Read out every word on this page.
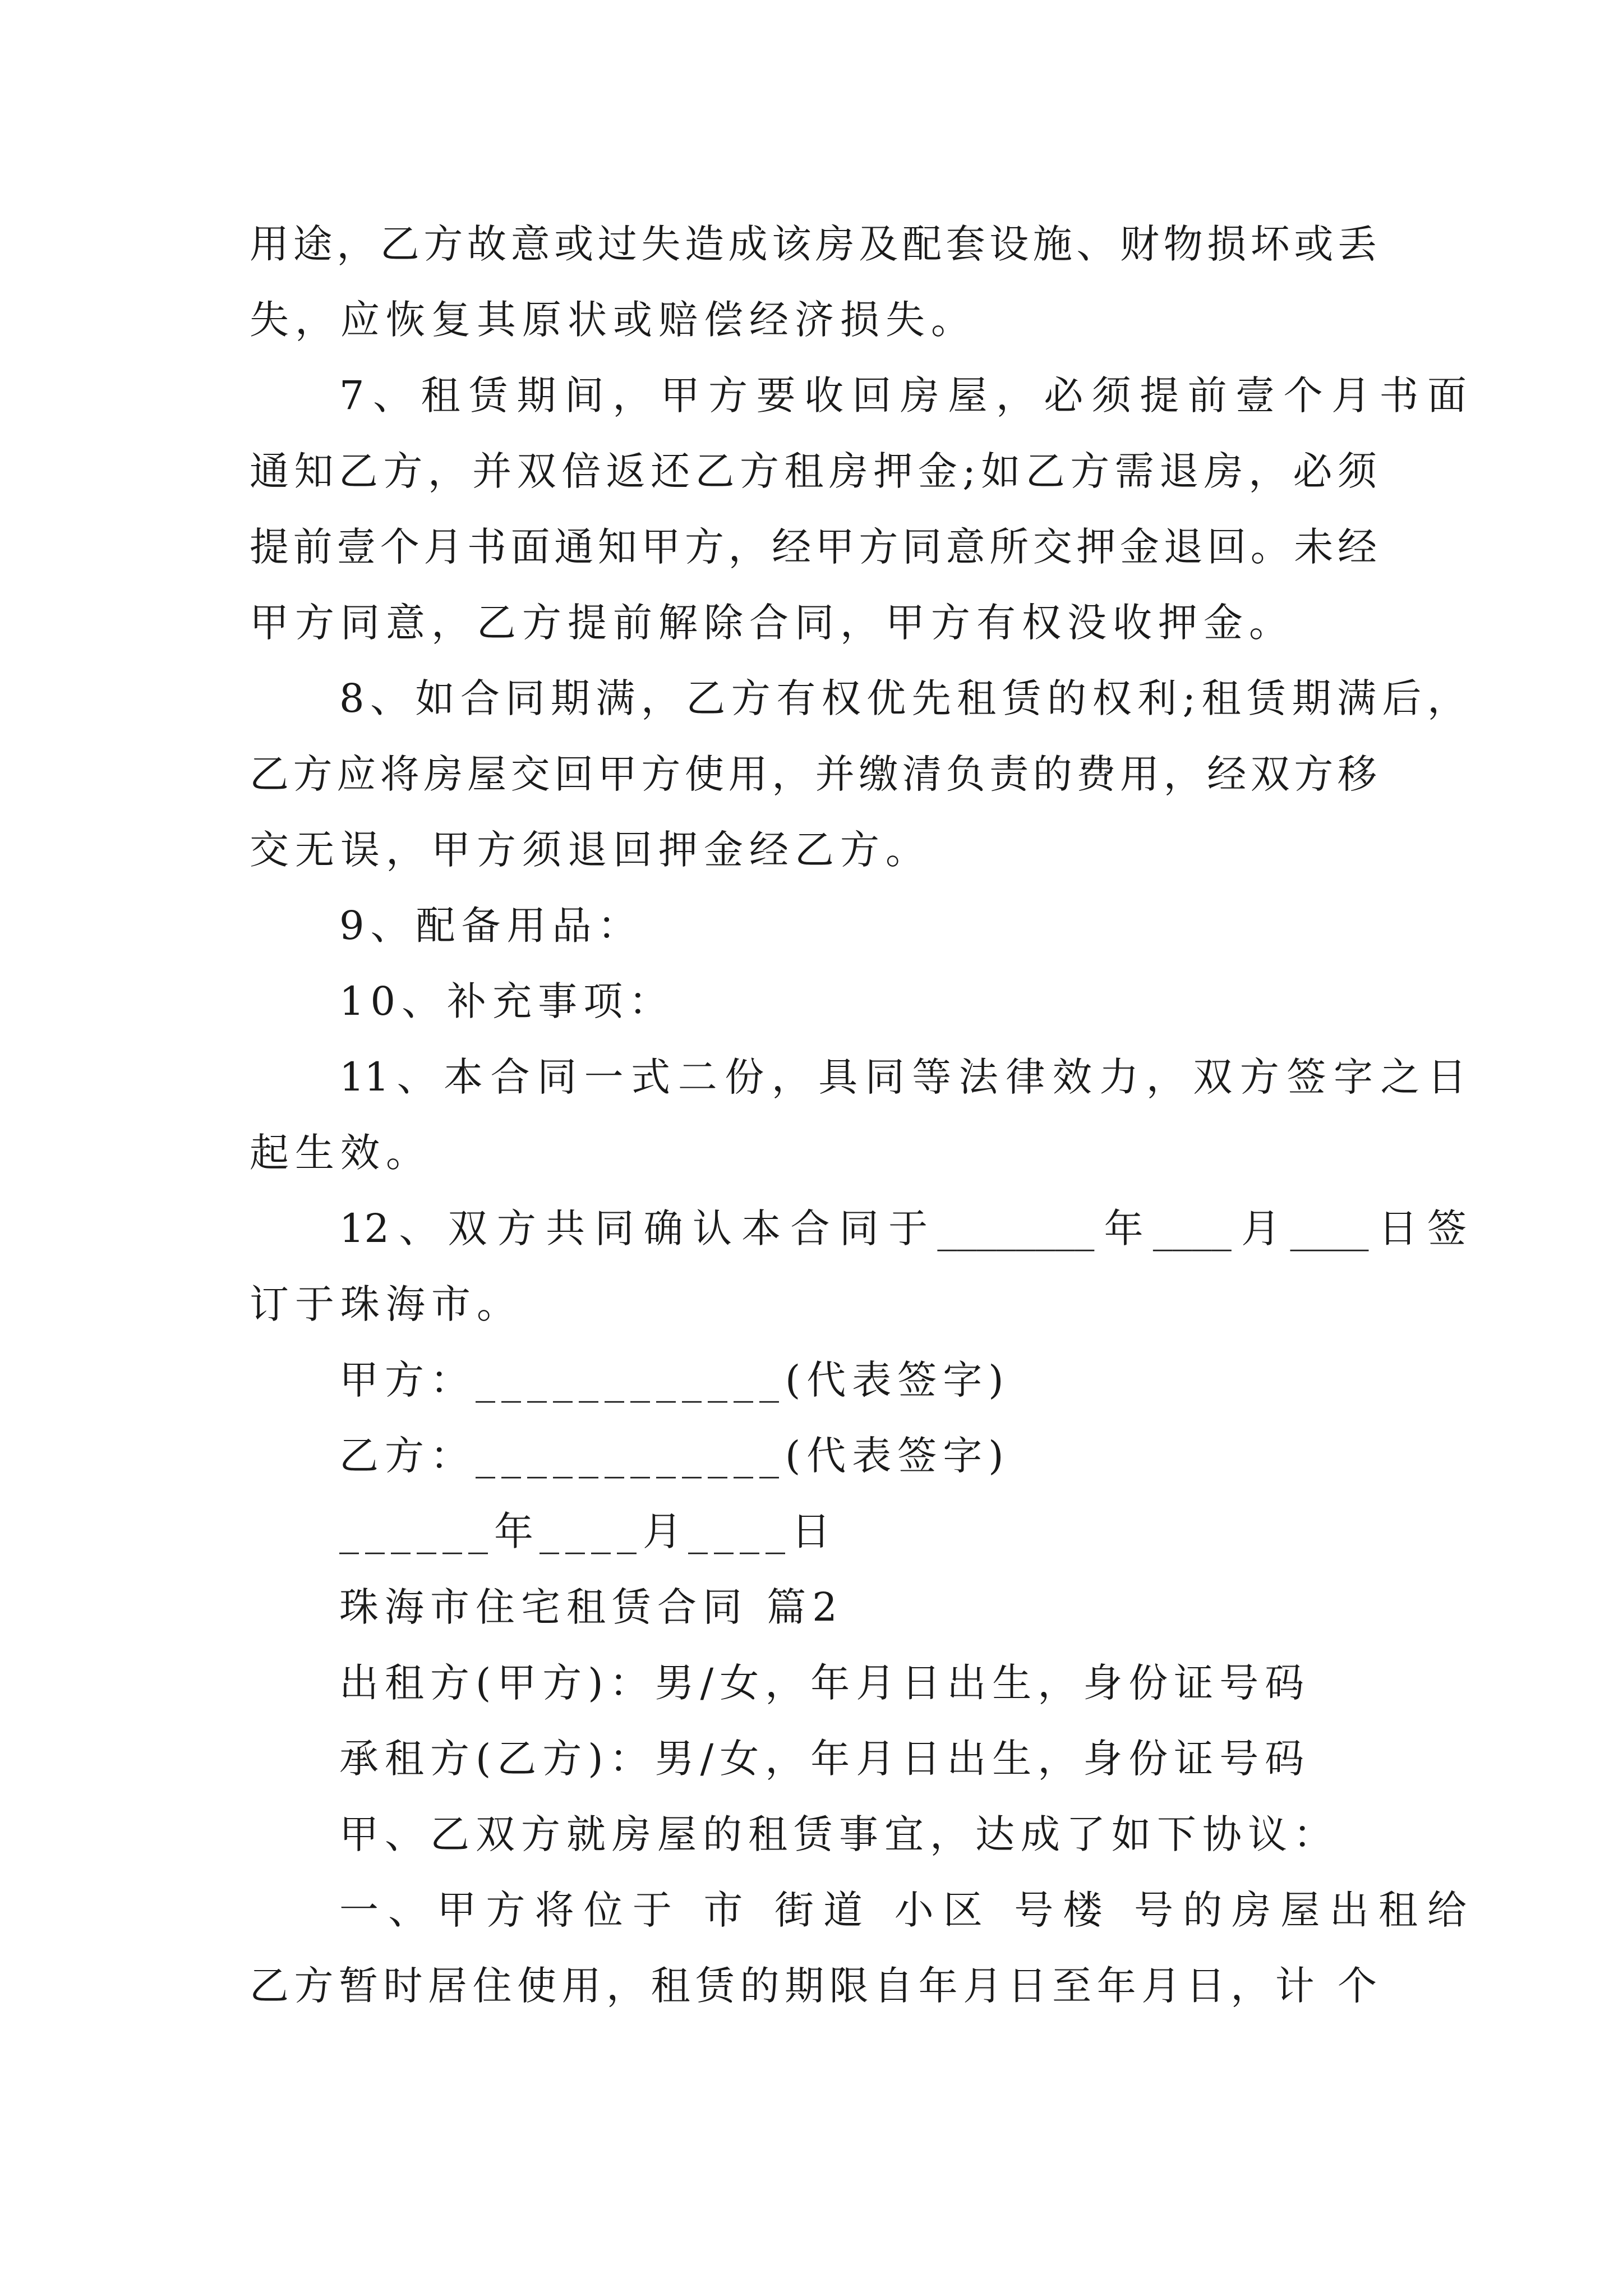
用途，乙方故意或过失造成该房及配套设施、财物损坏或丢

失，应恢复其原状或赔偿经济损失。

7、租赁期间，甲方要收回房屋，必须提前壹个月书面

通知乙方，并双倍返还乙方租房押金;如乙方需退房，必须

提前壹个月书面通知甲方，经甲方同意所交押金退回。未经

甲方同意，乙方提前解除合同，甲方有权没收押金。

8、如合同期满，乙方有权优先租赁的权利;租赁期满后，

乙方应将房屋交回甲方使用，并缴清负责的费用，经双方移

交无误，甲方须退回押金经乙方。

9、配备用品：

10、补充事项：

11、本合同一式二份，具同等法律效力，双方签字之日

起生效。

12、双方共同确认本合同于________年____月____日签

订于珠海市。

甲方：____________(代表签字)

乙方：____________(代表签字)

______年____月____日

珠海市住宅租赁合同 篇2

出租方(甲方)：男/女，年月日出生，身份证号码

承租方(乙方)：男/女，年月日出生，身份证号码

甲、乙双方就房屋的租赁事宜，达成了如下协议：

一、甲方将位于 市 街道 小区 号楼 号的房屋出租给

乙方暂时居住使用，租赁的期限自年月日至年月日，计 个
